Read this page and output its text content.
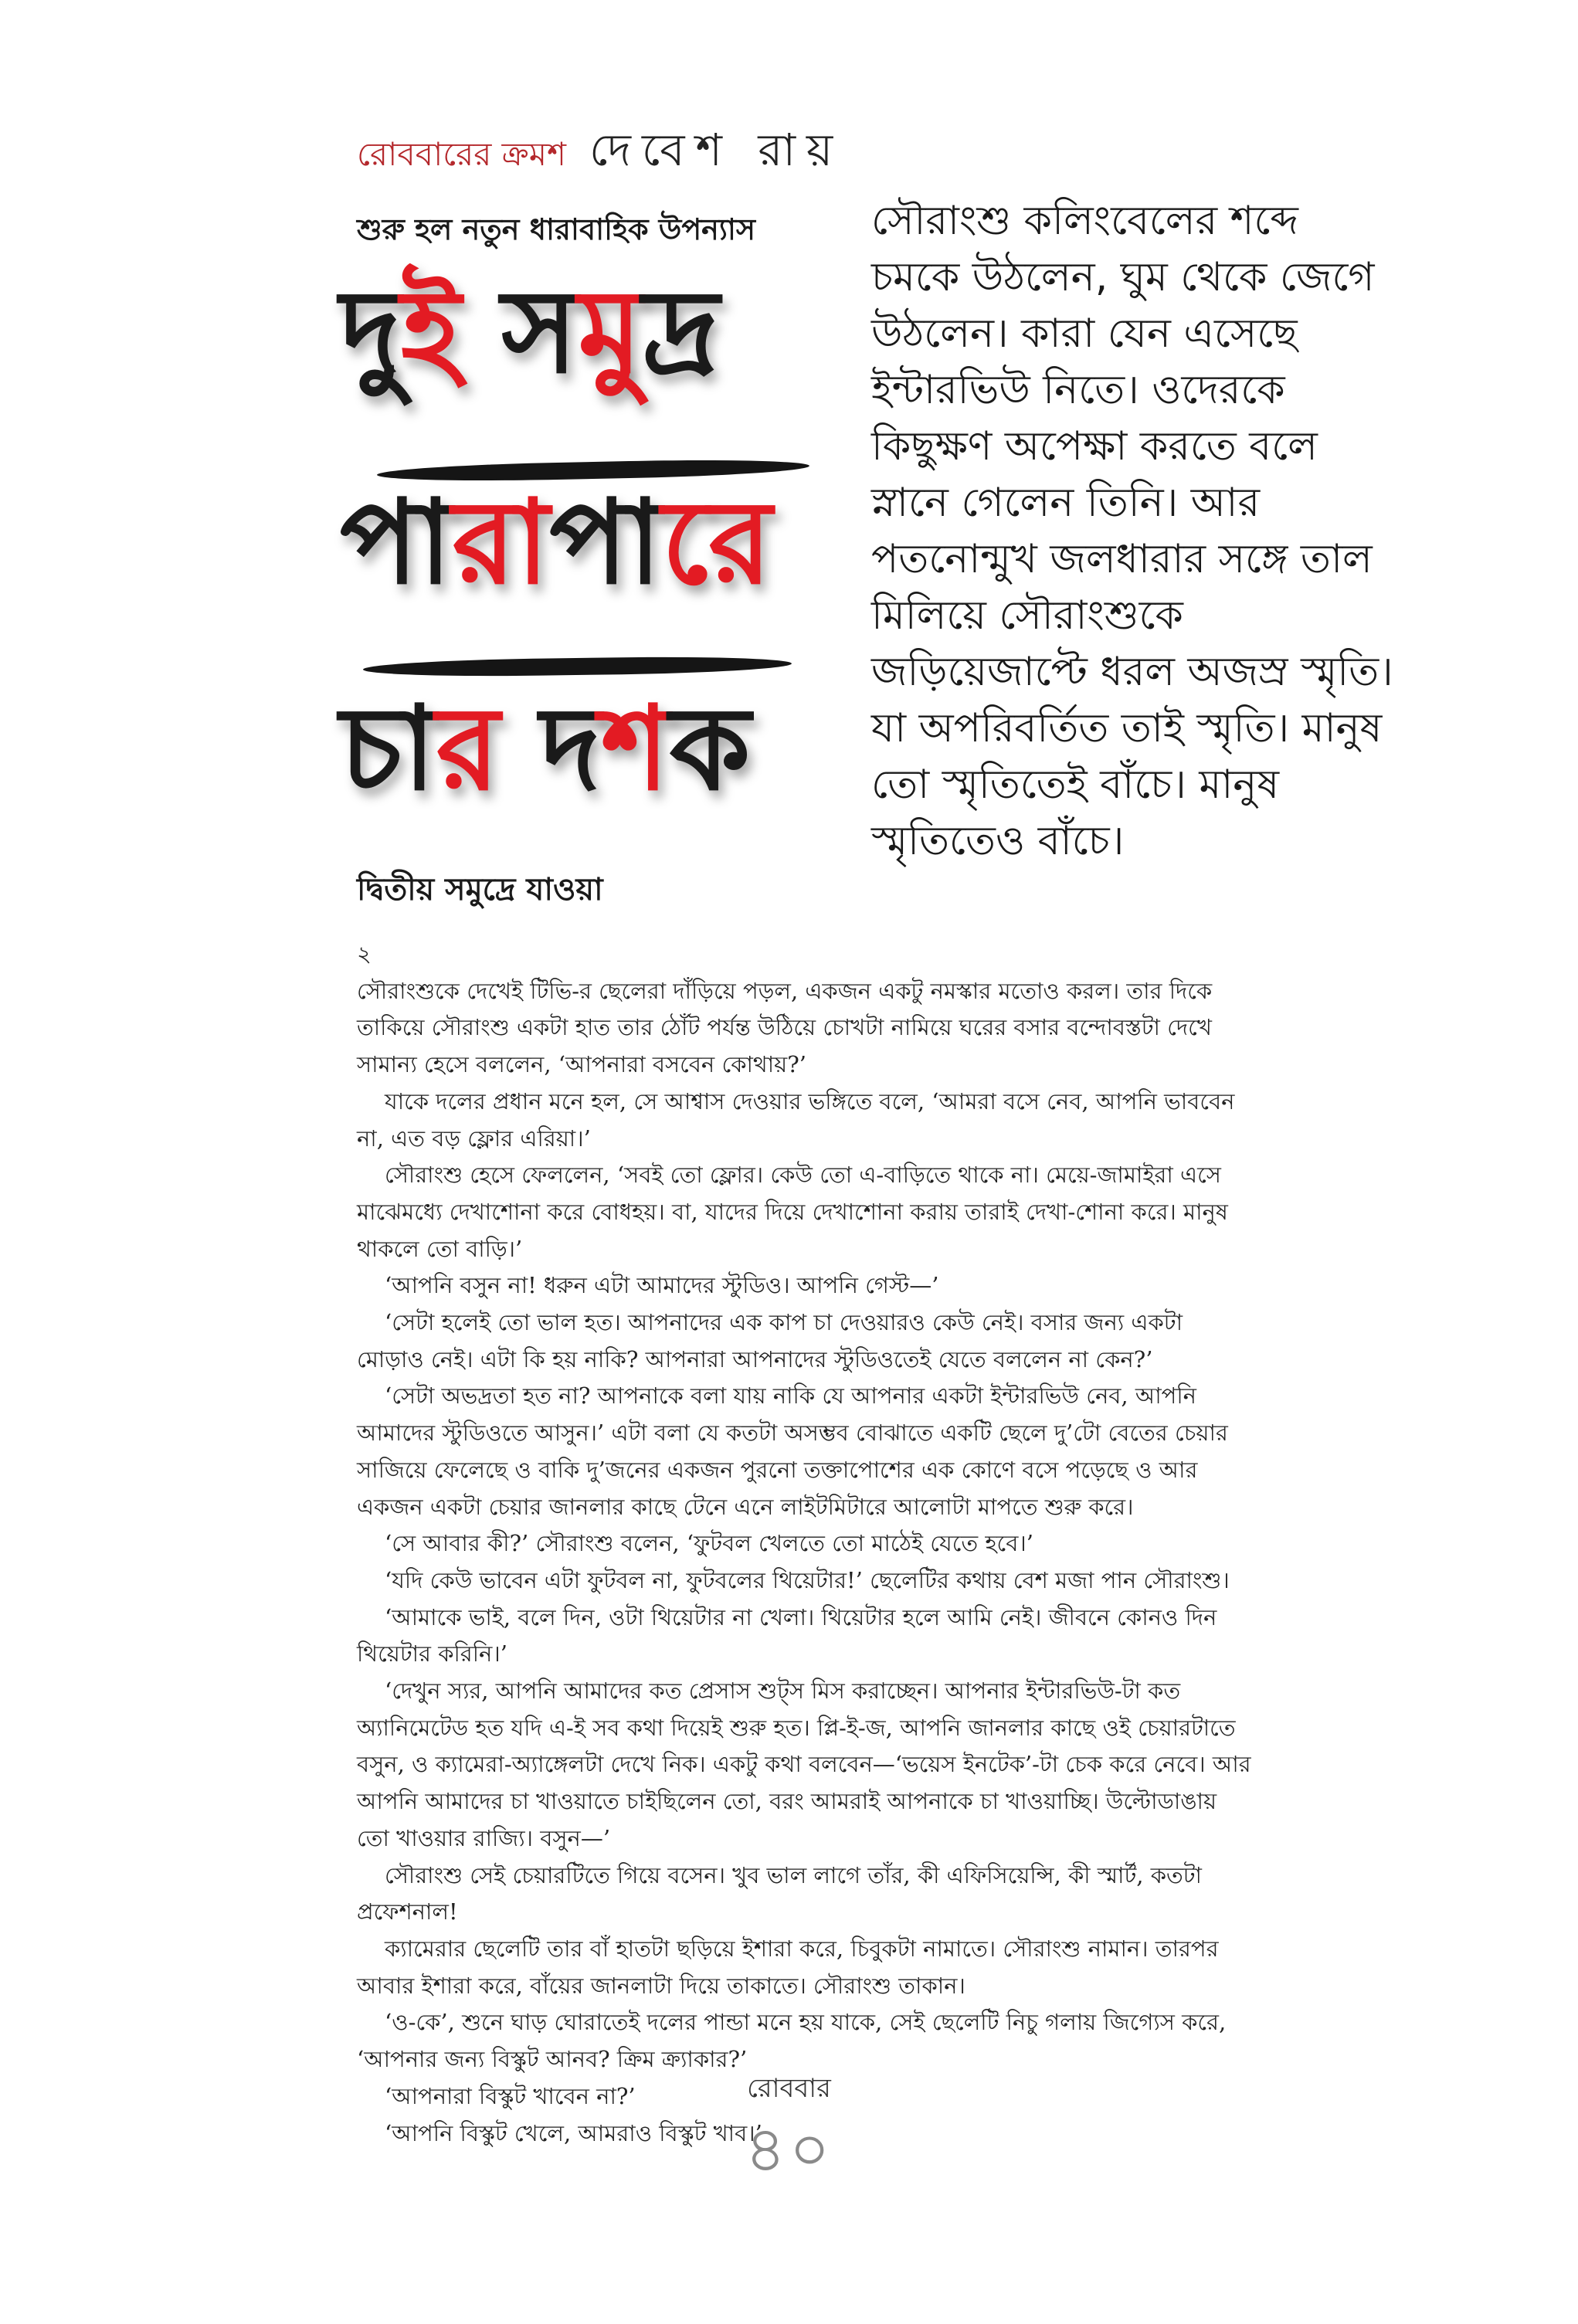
রোববারের ক্রমশ দেবেশ রায়
শুরু হল নতুন ধারাবাহিক উপন্যাস
দুই সমুদ্র
পারাপারে
চার দশক
সৌরাংশু কলিংবেলের শব্দে
চমকে উঠলেন, ঘুম থেকে জেগে
উঠলেন। কারা যেন এসেছে
ইন্টারভিউ নিতে। ওদেরকে
কিছুক্ষণ অপেক্ষা করতে বলে
স্নানে গেলেন তিনি। আর
পতনোন্মুখ জলধারার সঙ্গে তাল
মিলিয়ে সৌরাংশুকে
জড়িয়েজাপ্টে ধরল অজস্র স্মৃতি।
যা অপরিবর্তিত তাই স্মৃতি। মানুষ
তো স্মৃতিতেই বাঁচে। মানুষ
স্মৃতিতেও বাঁচে।
দ্বিতীয় সমুদ্রে যাওয়া

২

সৌরাংশুকে দেখেই টিভি-র ছেলেরা দাঁড়িয়ে পড়ল, একজন একটু নমস্কার মতোও করল। তার দিকে তাকিয়ে সৌরাংশু একটা হাত তার ঠোঁট পর্যন্ত উঠিয়ে চোখটা নামিয়ে ঘরের বসার বন্দোবস্তটা দেখে সামান্য হেসে বললেন, ‘আপনারা বসবেন কোথায়?’

যাকে দলের প্রধান মনে হল, সে আশ্বাস দেওয়ার ভঙ্গিতে বলে, ‘আমরা বসে নেব, আপনি ভাববেন না, এত বড় ফ্লোর এরিয়া।’

সৌরাংশু হেসে ফেললেন, ‘সবই তো ফ্লোর। কেউ তো এ-বাড়িতে থাকে না। মেয়ে-জামাইরা এসে মাঝেমধ্যে দেখাশোনা করে বোধহয়। বা, যাদের দিয়ে দেখাশোনা করায় তারাই দেখা-শোনা করে। মানুষ থাকলে তো বাড়ি।’

‘আপনি বসুন না! ধরুন এটা আমাদের স্টুডিও। আপনি গেস্ট—’

‘সেটা হলেই তো ভাল হত। আপনাদের এক কাপ চা দেওয়ারও কেউ নেই। বসার জন্য একটা মোড়াও নেই। এটা কি হয় নাকি? আপনারা আপনাদের স্টুডিওতেই যেতে বললেন না কেন?’

‘সেটা অভদ্রতা হত না? আপনাকে বলা যায় নাকি যে আপনার একটা ইন্টারভিউ নেব, আপনি আমাদের স্টুডিওতে আসুন।’ এটা বলা যে কতটা অসম্ভব বোঝাতে একটি ছেলে দু’টো বেতের চেয়ার সাজিয়ে ফেলেছে ও বাকি দু’জনের একজন পুরনো তক্তাপোশের এক কোণে বসে পড়েছে ও আর একজন একটা চেয়ার জানলার কাছে টেনে এনে লাইটমিটারে আলোটা মাপতে শুরু করে।

‘সে আবার কী?’ সৌরাংশু বলেন, ‘ফুটবল খেলতে তো মাঠেই যেতে হবে।’

‘যদি কেউ ভাবেন এটা ফুটবল না, ফুটবলের থিয়েটার!’ ছেলেটির কথায় বেশ মজা পান সৌরাংশু।

‘আমাকে ভাই, বলে দিন, ওটা থিয়েটার না খেলা। থিয়েটার হলে আমি নেই। জীবনে কোনও দিন থিয়েটার করিনি।’

‘দেখুন স্যর, আপনি আমাদের কত প্রেসাস শুট্স মিস করাচ্ছেন। আপনার ইন্টারভিউ-টা কত অ্যানিমেটেড হত যদি এ-ই সব কথা দিয়েই শুরু হত। প্লি-ই-জ, আপনি জানলার কাছে ওই চেয়ারটাতে বসুন, ও ক্যামেরা-অ্যাঙ্গেলটা দেখে নিক। একটু কথা বলবেন—‘ভয়েস ইনটেক’-টা চেক করে নেবে। আর আপনি আমাদের চা খাওয়াতে চাইছিলেন তো, বরং আমরাই আপনাকে চা খাওয়াচ্ছি। উল্টোডাঙায় তো খাওয়ার রাজ্যি। বসুন—’

সৌরাংশু সেই চেয়ারটিতে গিয়ে বসেন। খুব ভাল লাগে তাঁর, কী এফিসিয়েন্সি, কী স্মার্ট, কতটা প্রফেশনাল!

ক্যামেরার ছেলেটি তার বাঁ হাতটা ছড়িয়ে ইশারা করে, চিবুকটা নামাতে। সৌরাংশু নামান। তারপর আবার ইশারা করে, বাঁয়ের জানলাটা দিয়ে তাকাতে। সৌরাংশু তাকান।

‘ও-কে’, শুনে ঘাড় ঘোরাতেই দলের পান্ডা মনে হয় যাকে, সেই ছেলেটি নিচু গলায় জিগ্যেস করে, ‘আপনার জন্য বিস্কুট আনব? ক্রিম ক্র্যাকার?’

‘আপনারা বিস্কুট খাবেন না?’

‘আপনি বিস্কুট খেলে, আমরাও বিস্কুট খাব।’

রোববার
৪০
